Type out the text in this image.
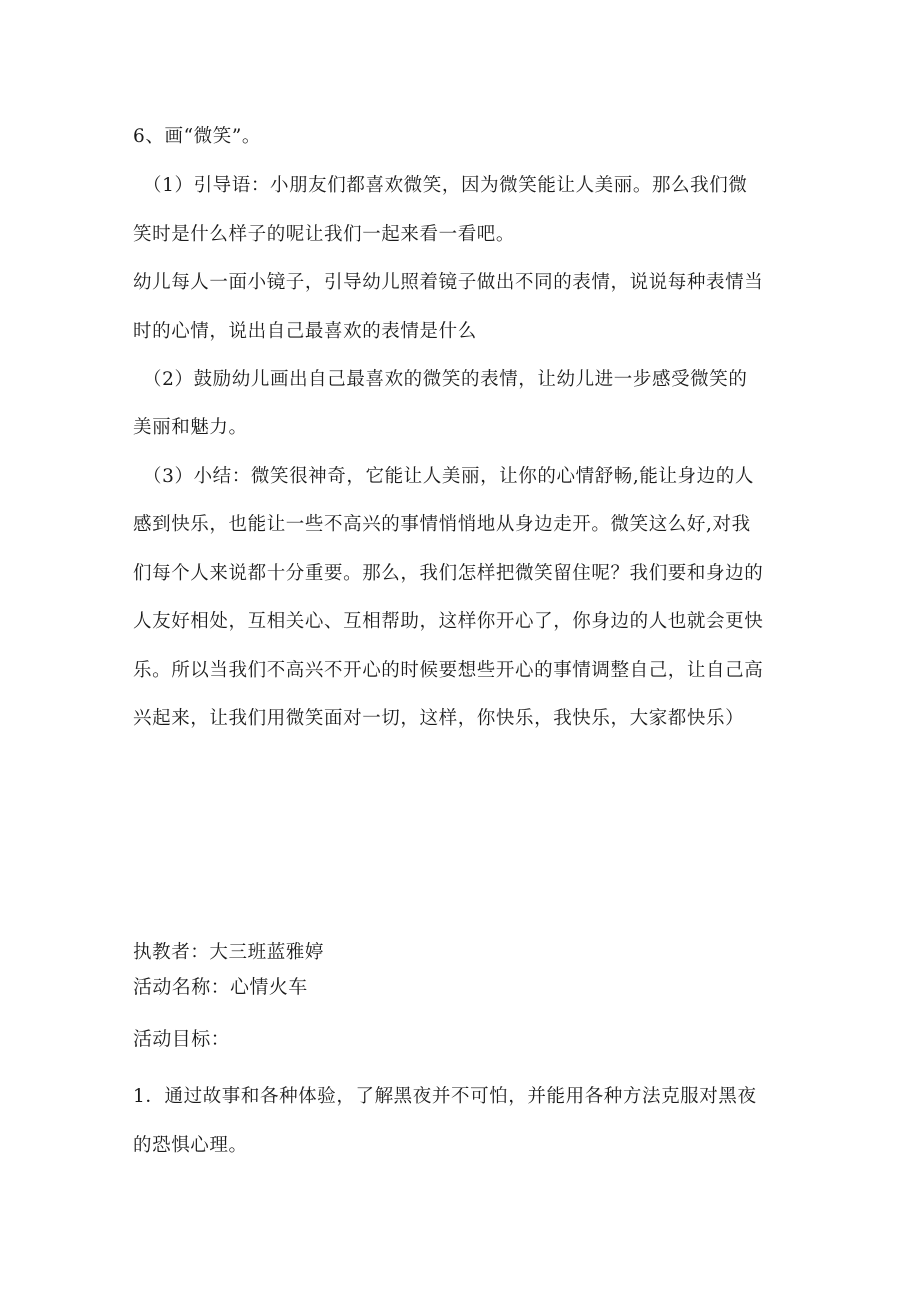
6、画“微笑”。
（1）引导语：小朋友们都喜欢微笑，因为微笑能让人美丽。那么我们微
笑时是什么样子的呢让我们一起来看一看吧。
幼儿每人一面小镜子，引导幼儿照着镜子做出不同的表情，说说每种表情当
时的心情，说出自己最喜欢的表情是什么
（2）鼓励幼儿画出自己最喜欢的微笑的表情，让幼儿进一步感受微笑的
美丽和魅力。
（3）小结：微笑很神奇，它能让人美丽，让你的心情舒畅,能让身边的人
感到快乐，也能让一些不高兴的事情悄悄地从身边走开。微笑这么好,对我
们每个人来说都十分重要。那么，我们怎样把微笑留住呢？我们要和身边的
人友好相处，互相关心、互相帮助，这样你开心了，你身边的人也就会更快
乐。所以当我们不高兴不开心的时候要想些开心的事情调整自己，让自己高
兴起来，让我们用微笑面对一切，这样，你快乐，我快乐，大家都快乐）
执教者：大三班蓝雅婷
活动名称：心情火车
活动目标：
1．通过故事和各种体验，了解黑夜并不可怕，并能用各种方法克服对黑夜
的恐惧心理。
